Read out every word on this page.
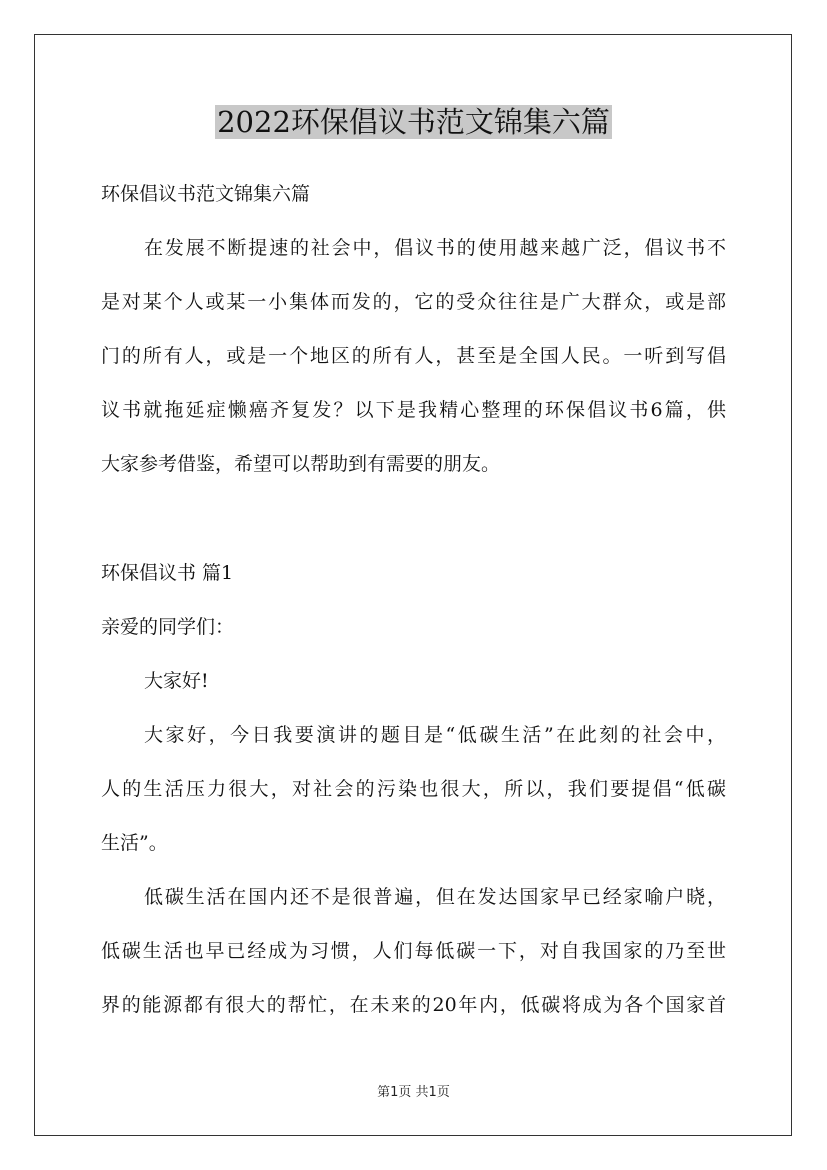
2022环保倡议书范文锦集六篇
环保倡议书范文锦集六篇
在发展不断提速的社会中，倡议书的使用越来越广泛，倡议书不
是对某个人或某一小集体而发的，它的受众往往是广大群众，或是部
门的所有人，或是一个地区的所有人，甚至是全国人民。一听到写倡
议书就拖延症懒癌齐复发？以下是我精心整理的环保倡议书6篇，供
大家参考借鉴，希望可以帮助到有需要的朋友。
环保倡议书 篇1
亲爱的同学们：
大家好!
大家好，今日我要演讲的题目是“低碳生活”在此刻的社会中，
人的生活压力很大，对社会的污染也很大，所以，我们要提倡“低碳
生活”。
低碳生活在国内还不是很普遍，但在发达国家早已经家喻户晓，
低碳生活也早已经成为习惯，人们每低碳一下，对自我国家的乃至世
界的能源都有很大的帮忙，在未来的20年内，低碳将成为各个国家首
第1页 共1页
